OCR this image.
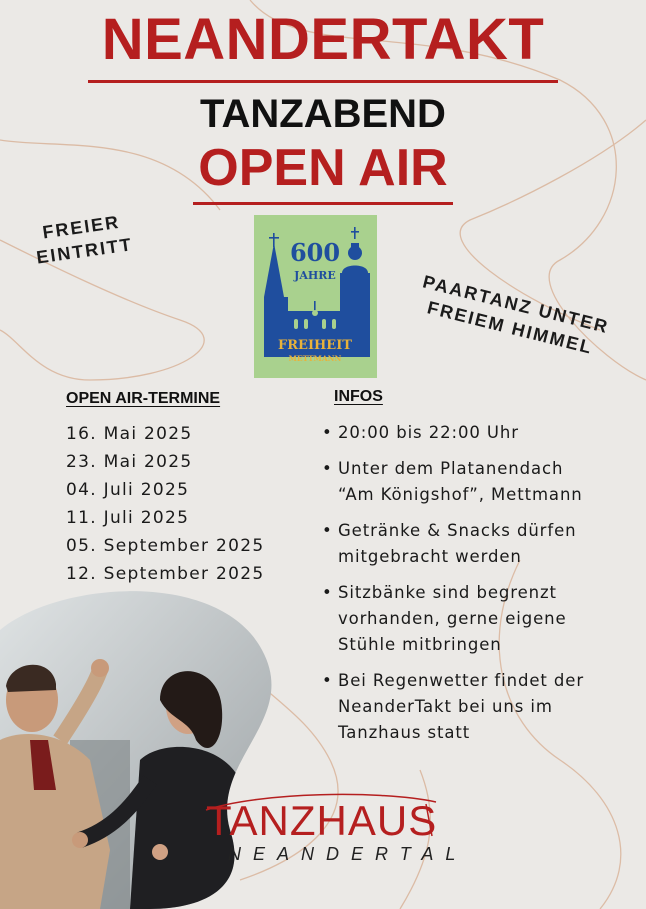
NEANDERTAKT
TANZABEND
OPEN AIR
FREIER EINTRITT
PAARTANZ UNTER FREIEM HIMMEL
600
JAHRE
FREIHEIT
METTMANN
OPEN AIR-TERMINE
16. Mai 2025
23. Mai 2025
04. Juli 2025
11. Juli 2025
05. September 2025
12. September 2025
INFOS
• 20:00 bis 22:00 Uhr
• Unter dem Platanendach
“Am Königshof”, Mettmann
• Getränke & Snacks dürfen
mitgebracht werden
• Sitzbänke sind begrenzt
vorhanden, gerne eigene
Stühle mitbringen
• Bei Regenwetter findet der
NeanderTakt bei uns im
Tanzhaus statt
TANZHAUS
NEANDERTAL
